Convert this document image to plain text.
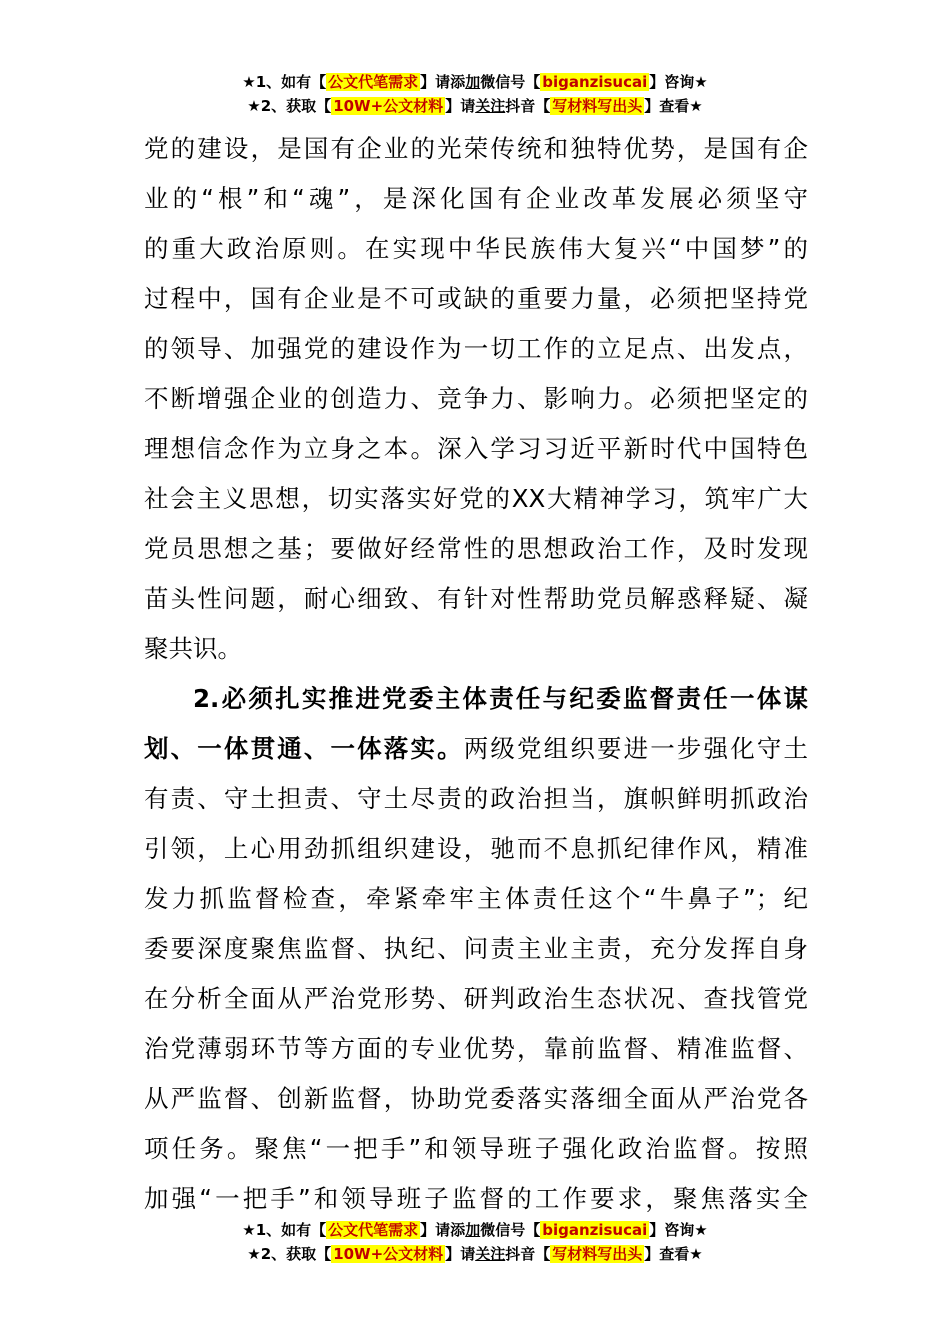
★1、如有【 公文代笔需求 】请添加微信号【 biganzisucai 】咨询★
★2、获取【 10W+公文材料 】请关注抖音【 写材料写出头 】查看★
党的建设，是国有企业的光荣传统和独特优势，是国有企
业的“根”和“魂”，是深化国有企业改革发展必须坚守
的重大政治原则。在实现中华民族伟大复兴“中国梦”的
过程中，国有企业是不可或缺的重要力量，必须把坚持党
的领导、加强党的建设作为一切工作的立足点、出发点，
不断增强企业的创造力、竞争力、影响力。必须把坚定的
理想信念作为立身之本。深入学习习近平新时代中国特色
社会主义思想，切实落实好党的XX大精神学习，筑牢广大
党员思想之基；要做好经常性的思想政治工作，及时发现
苗头性问题，耐心细致、有针对性帮助党员解惑释疑、凝
聚共识。
2.必须扎实推进党委主体责任与纪委监督责任一体谋
划、一体贯通、一体落实。两级党组织要进一步强化守土
有责、守土担责、守土尽责的政治担当，旗帜鲜明抓政治
引领，上心用劲抓组织建设，驰而不息抓纪律作风，精准
发力抓监督检查，牵紧牵牢主体责任这个“牛鼻子”；纪
委要深度聚焦监督、执纪、问责主业主责，充分发挥自身
在分析全面从严治党形势、研判政治生态状况、查找管党
治党薄弱环节等方面的专业优势，靠前监督、精准监督、
从严监督、创新监督，协助党委落实落细全面从严治党各
项任务。聚焦“一把手”和领导班子强化政治监督。按照
加强“一把手”和领导班子监督的工作要求，聚焦落实全
★1、如有【 公文代笔需求 】请添加微信号【 biganzisucai 】咨询★
★2、获取【 10W+公文材料 】请关注抖音【 写材料写出头 】查看★
